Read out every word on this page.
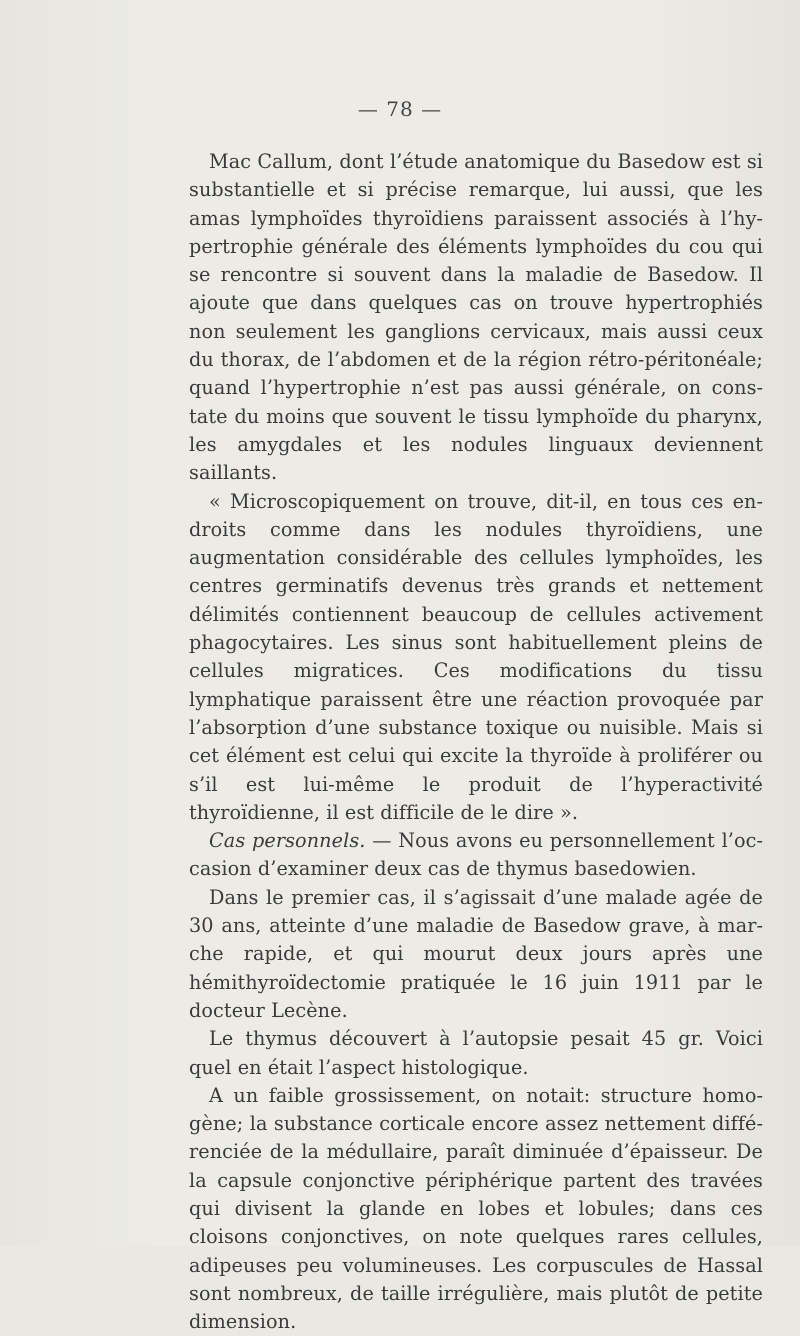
— 78 —

Mac Callum, dont l’étude anatomique du Basedow est si substantielle et si précise remarque, lui aussi, que les amas lymphoïdes thyroïdiens paraissent associés à l’hypertrophie générale des éléments lymphoïdes du cou qui se rencontre si souvent dans la maladie de Basedow. Il ajoute que dans quelques cas on trouve hypertrophiés non seulement les ganglions cervicaux, mais aussi ceux du thorax, de l’abdomen et de la région rétro-péritonéale; quand l’hypertrophie n’est pas aussi générale, on constate du moins que souvent le tissu lymphoïde du pharynx, les amygdales et les nodules linguaux deviennent saillants.

« Microscopiquement on trouve, dit-il, en tous ces endroits comme dans les nodules thyroïdiens, une augmentation considérable des cellules lymphoïdes, les centres germinatifs devenus très grands et nettement délimités contiennent beaucoup de cellules activement phagocytaires. Les sinus sont habituellement pleins de cellules migratices. Ces modifications du tissu lymphatique paraissent être une réaction provoquée par l’absorption d’une substance toxique ou nuisible. Mais si cet élément est celui qui excite la thyroïde à proliférer ou s’il est lui-même le produit de l’hyperactivité thyroïdienne, il est difficile de le dire ».

Cas personnels. — Nous avons eu personnellement l’occasion d’examiner deux cas de thymus basedowien.

Dans le premier cas, il s’agissait d’une malade agée de 30 ans, atteinte d’une maladie de Basedow grave, à marche rapide, et qui mourut deux jours après une hémithyroïdectomie pratiquée le 16 juin 1911 par le docteur Lecène.

Le thymus découvert à l’autopsie pesait 45 gr. Voici quel en était l’aspect histologique.

A un faible grossissement, on notait: structure homogène; la substance corticale encore assez nettement différenciée de la médullaire, paraît diminuée d’épaisseur. De la capsule conjonctive périphérique partent des travées qui divisent la glande en lobes et lobules; dans ces cloisons conjonctives, on note quelques rares cellules, adipeuses peu volumineuses. Les corpuscules de Hassal sont nombreux, de taille irrégulière, mais plutôt de petite dimension.
